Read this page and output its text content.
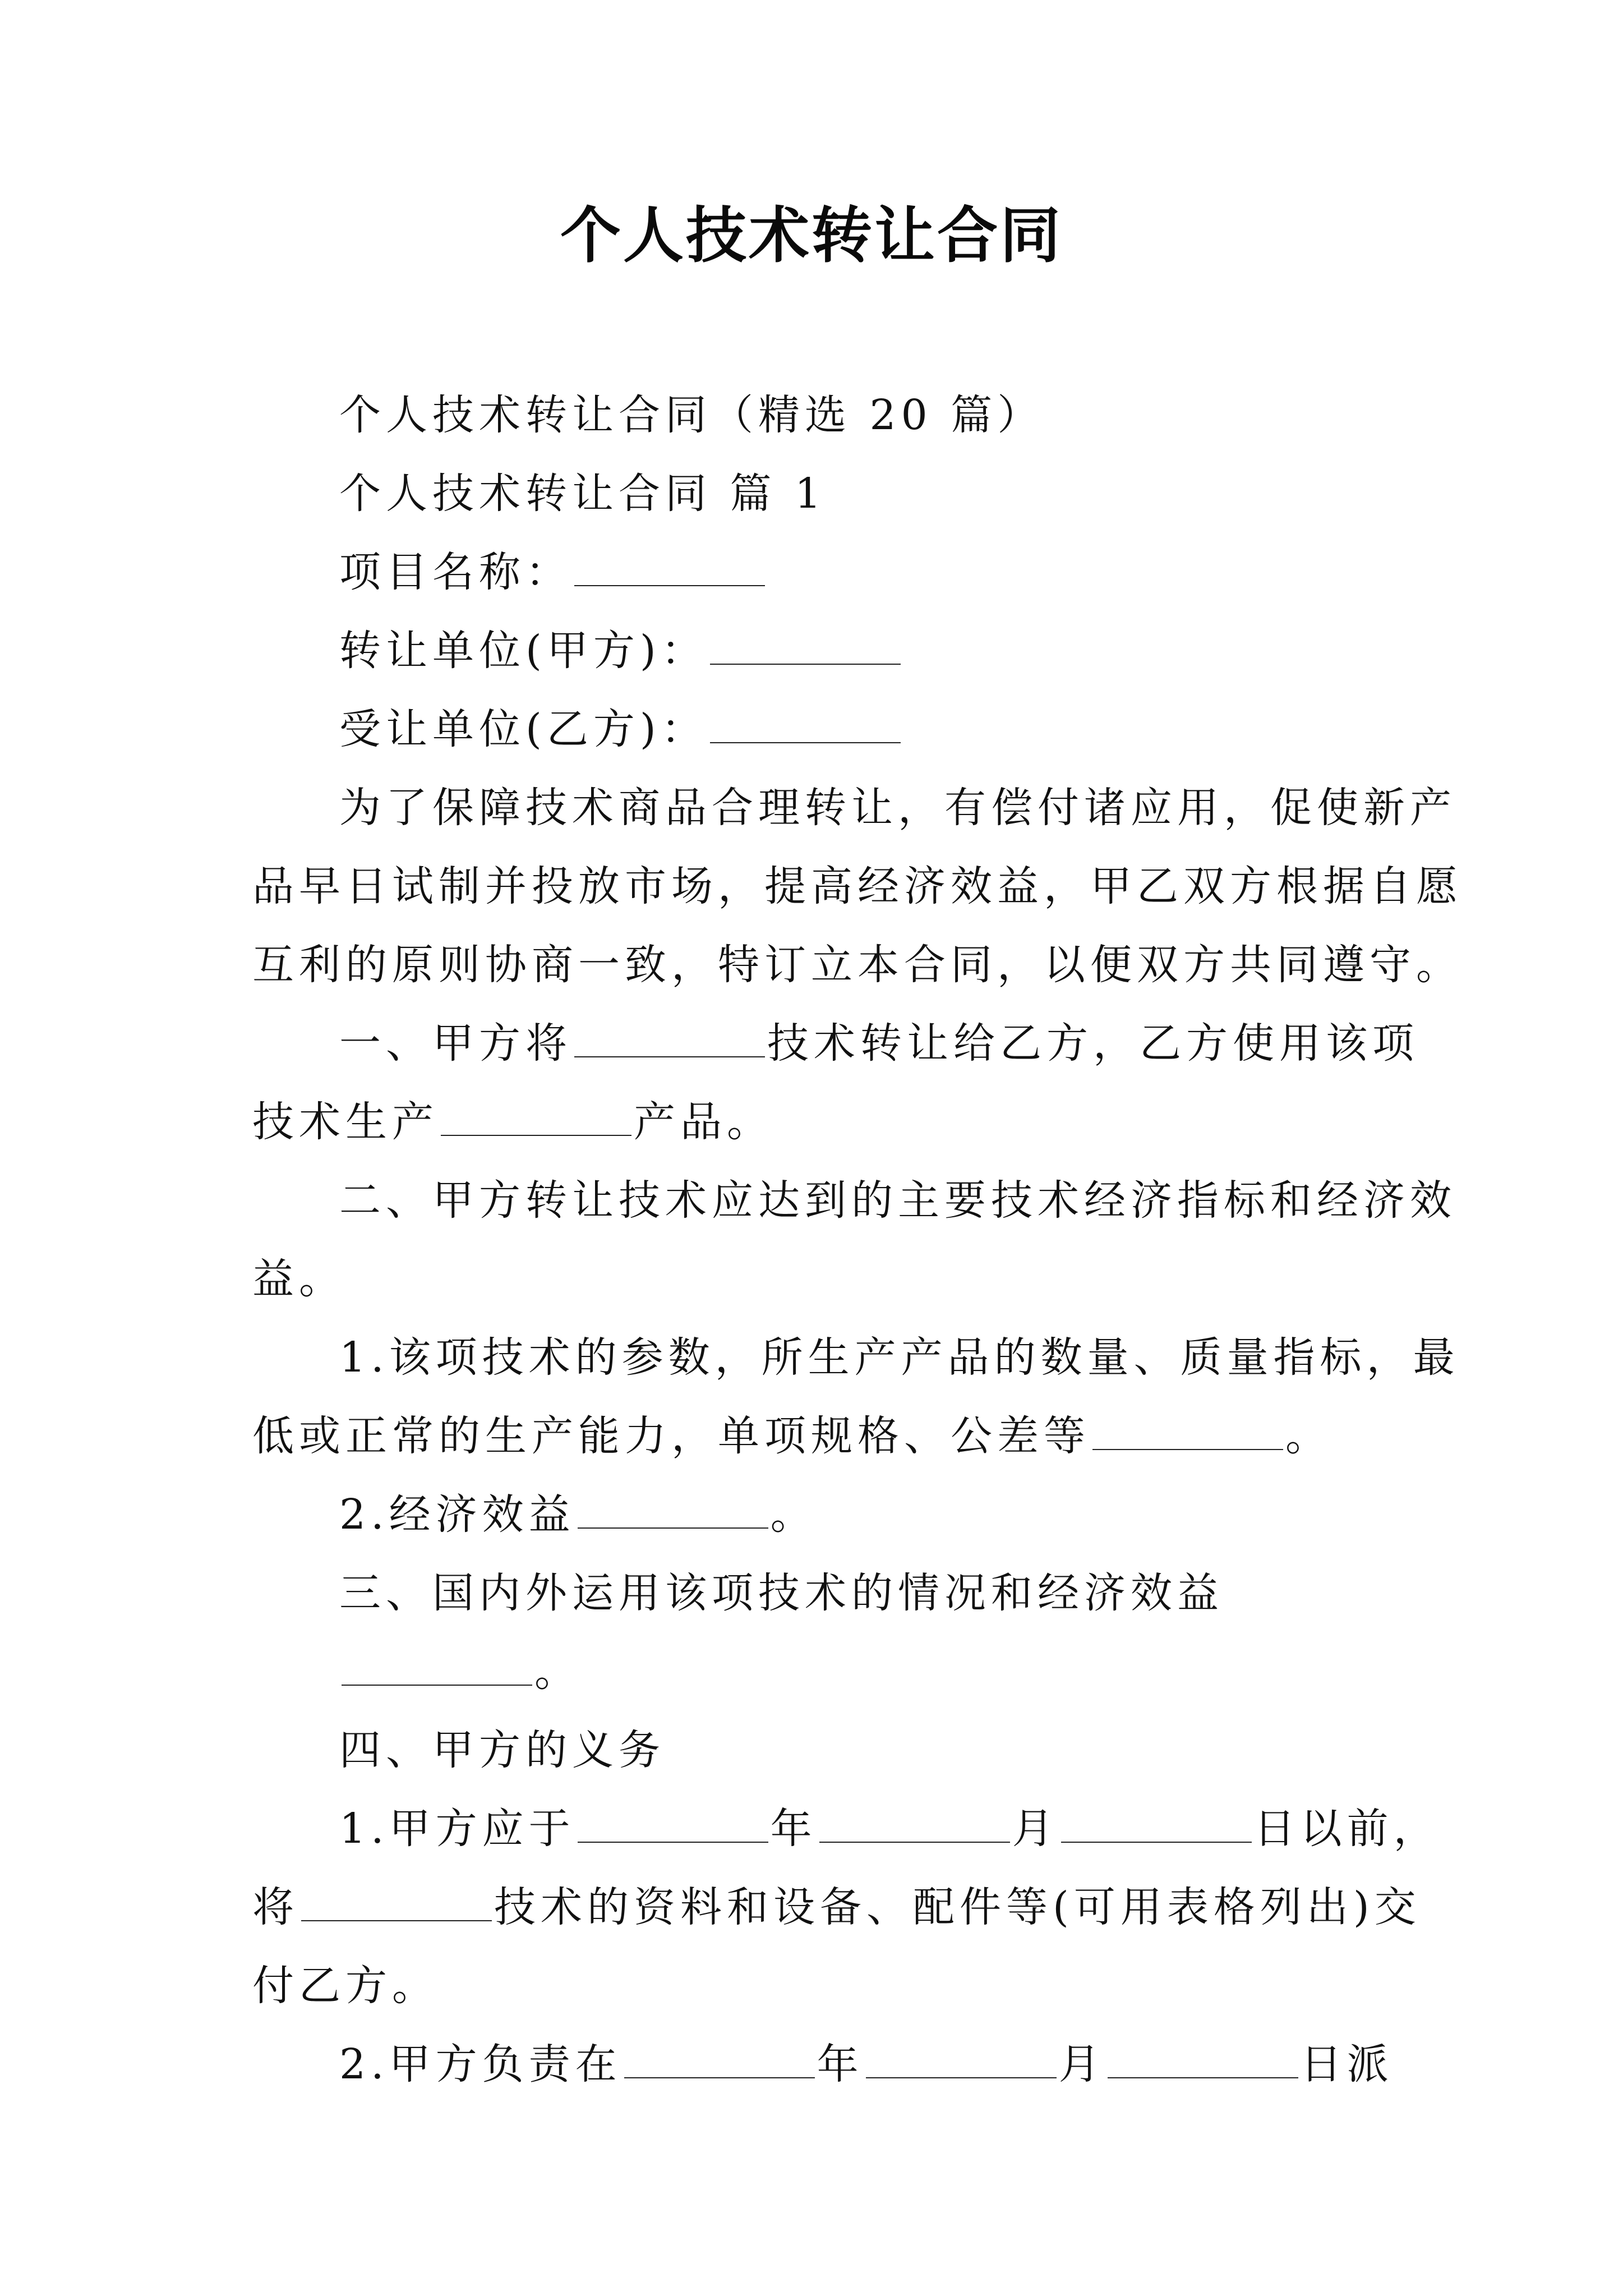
个人技术转让合同
个人技术转让合同（精选 20 篇）
个人技术转让合同 篇 1
项目名称：
转让单位(甲方)：
受让单位(乙方)：
为了保障技术商品合理转让，有偿付诸应用，促使新产
品早日试制并投放市场，提高经济效益，甲乙双方根据自愿
互利的原则协商一致，特订立本合同，以便双方共同遵守。
一、甲方将	技术转让给乙方，乙方使用该项
技术生产	产品。
二、甲方转让技术应达到的主要技术经济指标和经济效
益。
1.该项技术的参数，所生产产品的数量、质量指标，最
低或正常的生产能力，单项规格、公差等	。
2.经济效益	。
三、国内外运用该项技术的情况和经济效益
。
四、甲方的义务
1.甲方应于	年	月	日以前，
将	技术的资料和设备、配件等(可用表格列出)交
付乙方。
2.甲方负责在	年	月	日派
